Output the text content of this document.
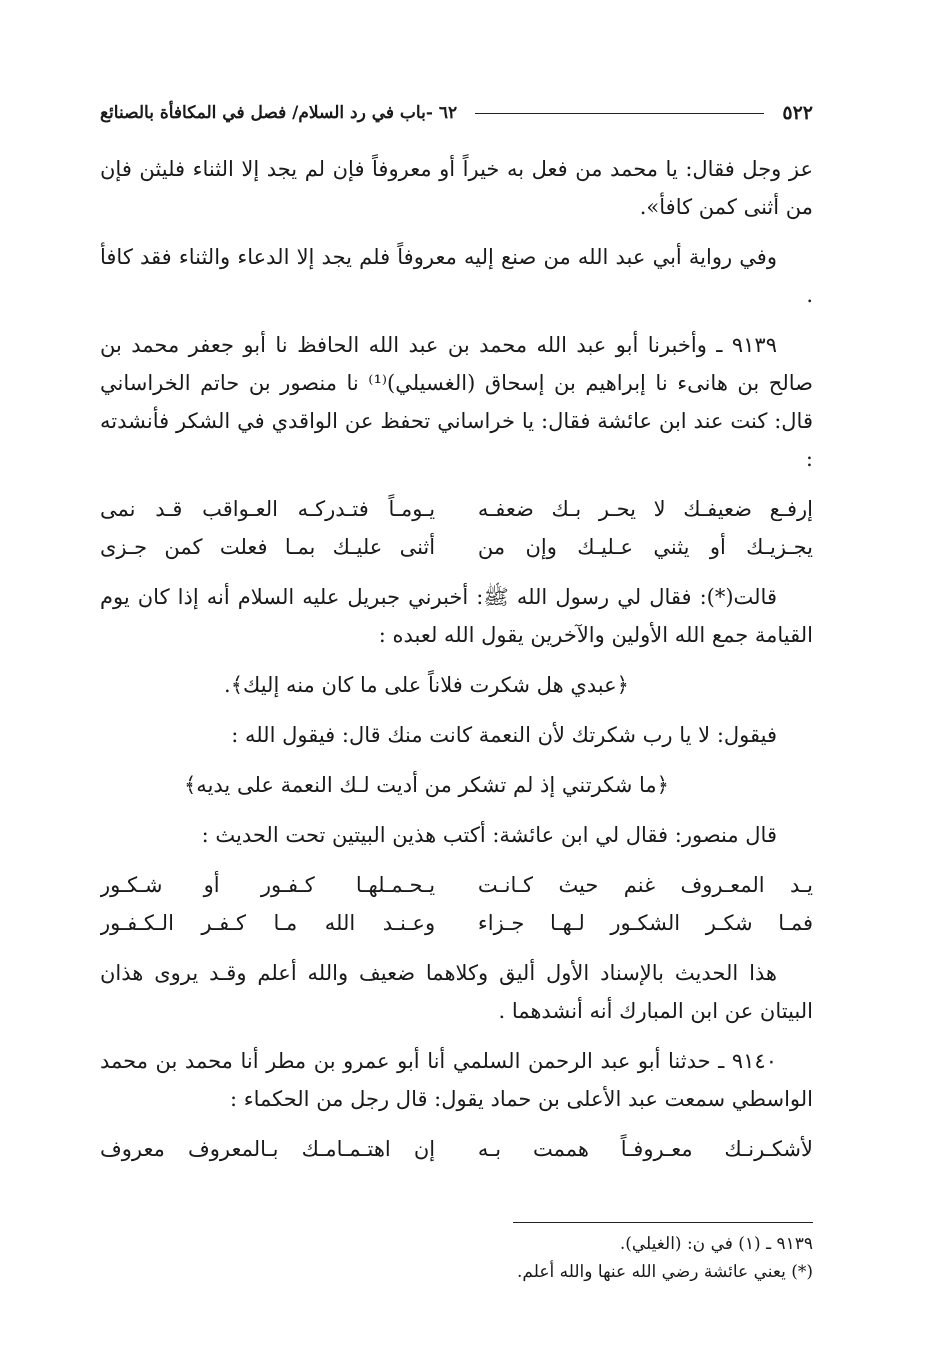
٥٢٢
٦٢ -باب في رد السلام/ فصل في المكافأة بالصنائع

عز وجل فقال: يا محمد من فعل به خيراً أو معروفاً فإن لم يجد إلا الثناء فليثن فإن من أثنى كمن كافأ».

وفي رواية أبي عبد الله من صنع إليه معروفاً فلم يجد إلا الدعاء والثناء فقد كافأ .

٩١٣٩ ـ وأخبرنا أبو عبد الله محمد بن عبد الله الحافظ نا أبو جعفر محمد بن صالح بن هانىء نا إبراهيم بن إسحاق (الغسيلي)⁽¹⁾ نا منصور بن حاتم الخراساني قال: كنت عند ابن عائشة فقال: يا خراساني تحفظ عن الواقدي في الشكر فأنشدته :

إرفـع ضعيفـك لا يحـر بـك ضعفـه
يـومـاً فتـدركـه العـواقب قـد نمى
يجـزيـك أو يثني عـليـك وإن من
أثنى عليـك بمـا فعلت كمن جـزى

قالت(*): فقال لي رسول الله ﷺ: أخبرني جبريل عليه السلام أنه إذا كان يوم القيامة جمع الله الأولين والآخرين يقول الله لعبده :

﴿عبدي هل شكرت فلاناً على ما كان منه إليك﴾.

فيقول: لا يا رب شكرتك لأن النعمة كانت منك قال: فيقول الله :

﴿ما شكرتني إذ لم تشكر من أديت لـك النعمة على يديه﴾

قال منصور: فقال لي ابن عائشة: أكتب هذين البيتين تحت الحديث :

يـد المعـروف غنم حيث كـانـت
يـحـمـلهـا كـفـور أو شـكـور
فمـا شكـر الشكـور لـهـا جـزاء
وعـنـد الله مـا كـفـر الـكـفـور

هذا الحديث بالإسناد الأول أليق وكلاهما ضعيف والله أعلم وقـد يروى هذان البيتان عن ابن المبارك أنه أنشدهما .

٩١٤٠ ـ حدثنا أبو عبد الرحمن السلمي أنا أبو عمرو بن مطر أنا محمد بن محمد الواسطي سمعت عبد الأعلى بن حماد يقول: قال رجل من الحكماء :

لأشكـرنـك معـروفـاً هممت بـه
إن اهتـمـامـك بـالمعروف معروف
٩١٣٩ ـ (١) في ن: (الغيلي).
(*) يعني عائشة رضي الله عنها والله أعلم.
